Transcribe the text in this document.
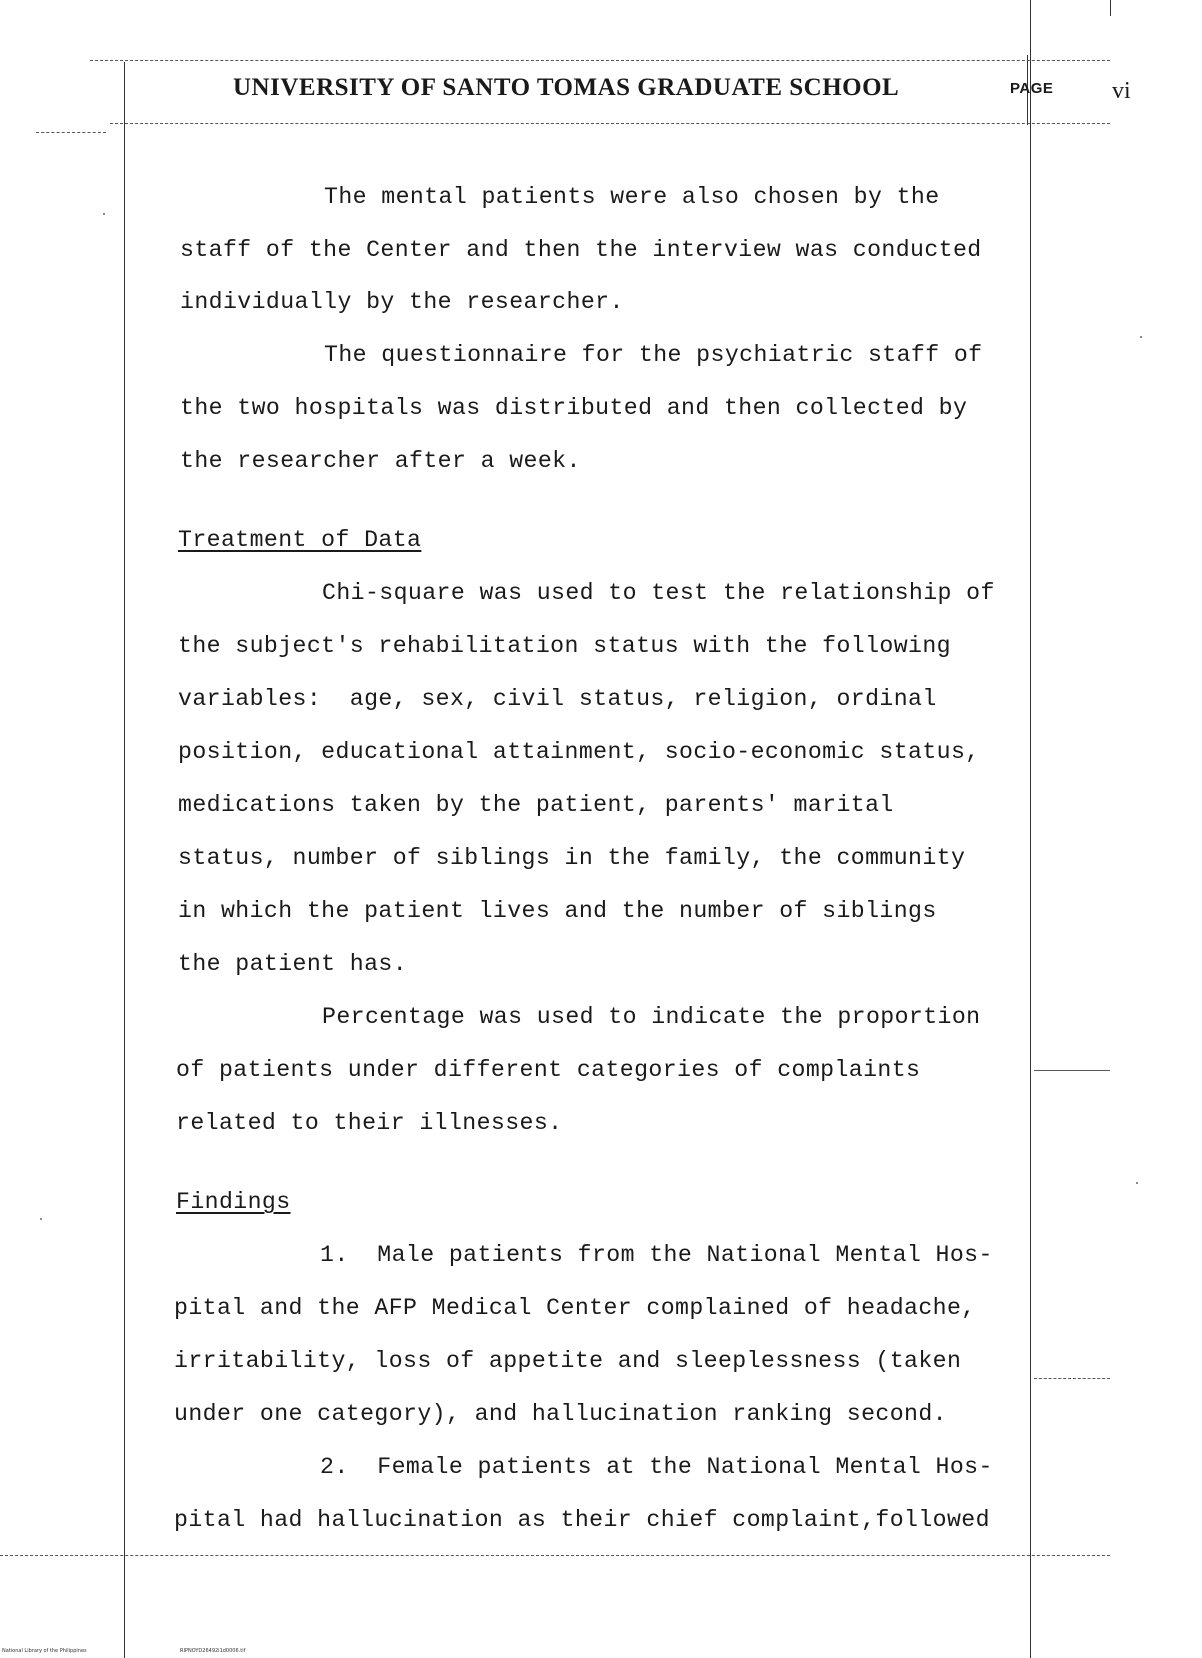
UNIVERSITY OF SANTO TOMAS GRADUATE SCHOOL	PAGE vi
The mental patients were also chosen by the
staff of the Center and then the interview was conducted
individually by the researcher.
The questionnaire for the psychiatric staff of
the two hospitals was distributed and then collected by
the researcher after a week.
Treatment of Data
Chi-square was used to test the relationship of
the subject's rehabilitation status with the following
variables:  age, sex, civil status, religion, ordinal
position, educational attainment, socio-economic status,
medications taken by the patient, parents' marital
status, number of siblings in the family, the community
in which the patient lives and the number of siblings
the patient has.
Percentage was used to indicate the proportion
of patients under different categories of complaints
related to their illnesses.
Findings
1.  Male patients from the National Mental Hos-
pital and the AFP Medical Center complained of headache,
irritability, loss of appetite and sleeplessness (taken
under one category), and hallucination ranking second.
2.  Female patients at the National Mental Hos-
pital had hallucination as their chief complaint,followed
National Library of the Philippines	RIPNOYD26492i1d0006.tif
